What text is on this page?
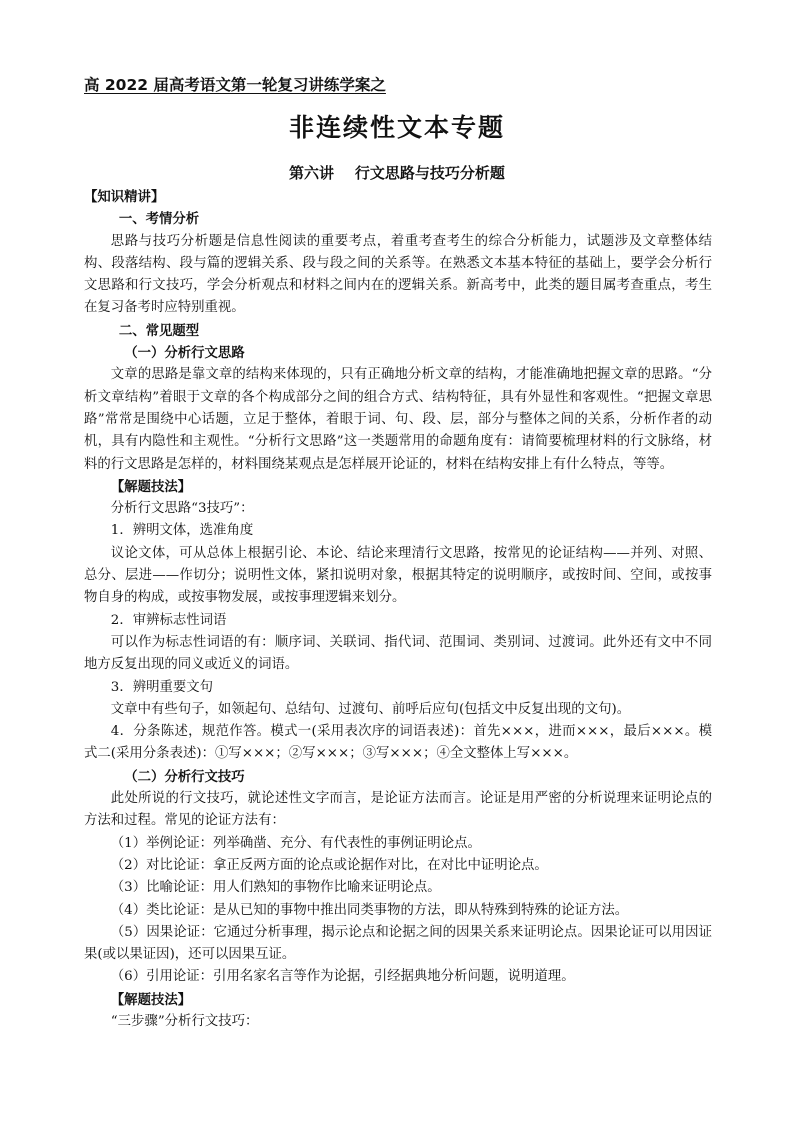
高 2022 届高考语文第一轮复习讲练学案之
非连续性文本专题
第六讲    行文思路与技巧分析题

【知识精讲】

一、考情分析

思路与技巧分析题是信息性阅读的重要考点，着重考查考生的综合分析能力，试题涉及文章整体结构、段落结构、段与篇的逻辑关系、段与段之间的关系等。在熟悉文本基本特征的基础上，要学会分析行文思路和行文技巧，学会分析观点和材料之间内在的逻辑关系。新高考中，此类的题目属考查重点，考生在复习备考时应特别重视。

二、常见题型

（一）分析行文思路

文章的思路是靠文章的结构来体现的，只有正确地分析文章的结构，才能准确地把握文章的思路。“分析文章结构”着眼于文章的各个构成部分之间的组合方式、结构特征，具有外显性和客观性。“把握文章思路”常常是围绕中心话题，立足于整体，着眼于词、句、段、层，部分与整体之间的关系，分析作者的动机，具有内隐性和主观性。“分析行文思路”这一类题常用的命题角度有：请简要梳理材料的行文脉络，材料的行文思路是怎样的，材料围绕某观点是怎样展开论证的，材料在结构安排上有什么特点，等等。

【解题技法】

分析行文思路“3技巧”：

1．辨明文体，选准角度

议论文体，可从总体上根据引论、本论、结论来理清行文思路，按常见的论证结构——并列、对照、总分、层进——作切分；说明性文体，紧扣说明对象，根据其特定的说明顺序，或按时间、空间，或按事物自身的构成，或按事物发展，或按事理逻辑来划分。

2．审辨标志性词语

可以作为标志性词语的有：顺序词、关联词、指代词、范围词、类别词、过渡词。此外还有文中不同地方反复出现的同义或近义的词语。

3．辨明重要文句

文章中有些句子，如领起句、总结句、过渡句、前呼后应句(包括文中反复出现的文句)。

4．分条陈述，规范作答。模式一(采用表次序的词语表述)：首先×××，进而×××，最后×××。模式二(采用分条表述)：①写×××；②写×××；③写×××；④全文整体上写×××。

（二）分析行文技巧

此处所说的行文技巧，就论述性文字而言，是论证方法而言。论证是用严密的分析说理来证明论点的方法和过程。常见的论证方法有：

（1）举例论证：列举确凿、充分、有代表性的事例证明论点。

（2）对比论证：拿正反两方面的论点或论据作对比，在对比中证明论点。

（3）比喻论证：用人们熟知的事物作比喻来证明论点。

（4）类比论证：是从已知的事物中推出同类事物的方法，即从特殊到特殊的论证方法。

（5）因果论证：它通过分析事理，揭示论点和论据之间的因果关系来证明论点。因果论证可以用因证果(或以果证因)，还可以因果互证。

（6）引用论证：引用名家名言等作为论据，引经据典地分析问题，说明道理。

【解题技法】

“三步骤”分析行文技巧：
